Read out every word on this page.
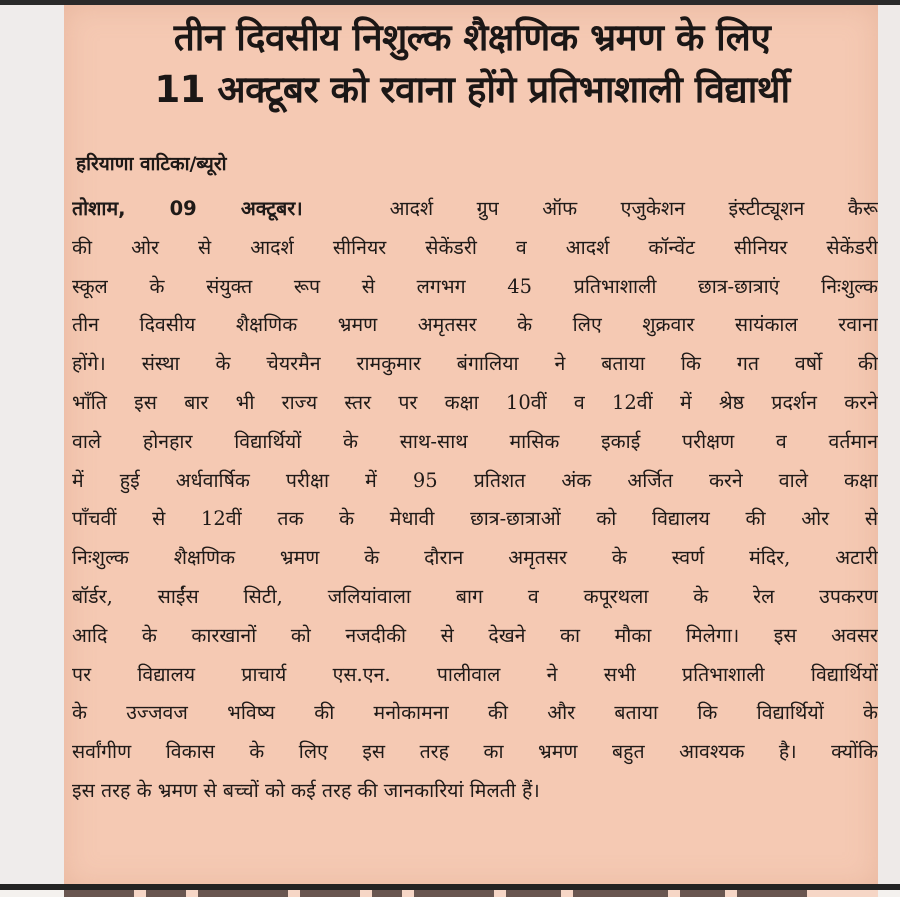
तीन दिवसीय निशुल्क शैक्षणिक भ्रमण के लिए
11 अक्टूबर को रवाना होंगे प्रतिभाशाली विद्यार्थी
हरियाणा वाटिका/ब्यूरो
तोशाम, 09 अक्टूबर।	आदर्श ग्रुप ऑफ एजुकेशन इंस्टीट्यूशन कैरू
की ओर से आदर्श सीनियर सेकेंडरी व आदर्श कॉन्वेंट सीनियर सेकेंडरी
स्कूल के संयुक्त रूप से लगभग 45 प्रतिभाशाली छात्र-छात्राएं निःशुल्क
तीन दिवसीय शैक्षणिक भ्रमण अमृतसर के लिए शुक्रवार सायंकाल रवाना
होंगे। संस्था के चेयरमैन रामकुमार बंगालिया ने बताया कि गत वर्षो की
भाँति इस बार भी राज्य स्तर पर कक्षा 10वीं व 12वीं में श्रेष्ठ प्रदर्शन करने
वाले होनहार विद्यार्थियों के साथ-साथ मासिक इकाई परीक्षण व वर्तमान
में हुई अर्धवार्षिक परीक्षा में 95 प्रतिशत अंक अर्जित करने वाले कक्षा
पाँचवीं से 12वीं तक के मेधावी छात्र-छात्राओं को विद्यालय की ओर से
निःशुल्क शैक्षणिक भ्रमण के दौरान अमृतसर के स्वर्ण मंदिर, अटारी
बॉर्डर, साईंस सिटी, जलियांवाला बाग व कपूरथला के रेल उपकरण
आदि के कारखानों को नजदीकी से देखने का मौका मिलेगा। इस अवसर
पर विद्यालय प्राचार्य एस.एन. पालीवाल ने सभी प्रतिभाशाली विद्यार्थियों
के उज्जवज भविष्य की मनोकामना की और बताया कि विद्यार्थियों के
सर्वांगीण विकास के लिए इस तरह का भ्रमण बहुत आवश्यक है। क्योंकि
इस तरह के भ्रमण से बच्चों को कई तरह की जानकारियां मिलती हैं।
